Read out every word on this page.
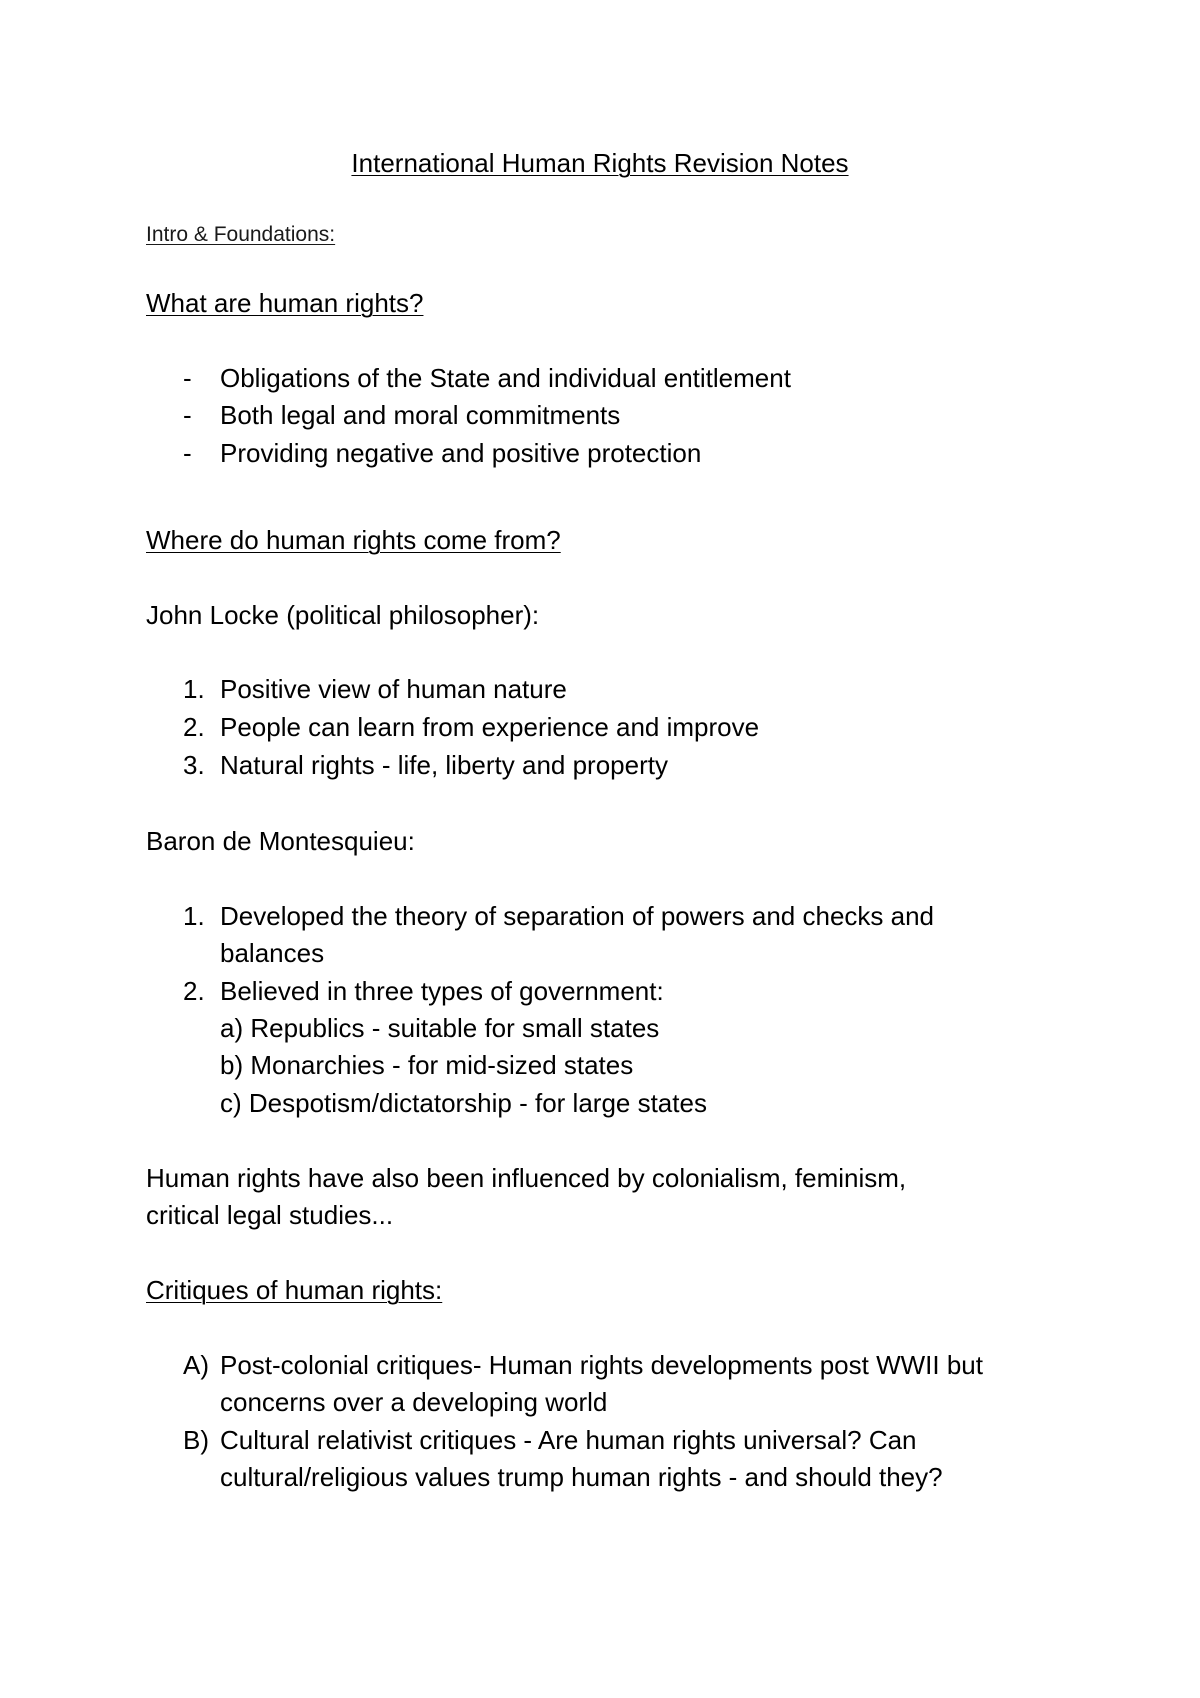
International Human Rights Revision Notes

Intro & Foundations:

What are human rights?

- Obligations of the State and individual entitlement

- Both legal and moral commitments

- Providing negative and positive protection

Where do human rights come from?

John Locke (political philosopher):

1. Positive view of human nature

2. People can learn from experience and improve

3. Natural rights - life, liberty and property

Baron de Montesquieu:

1. Developed the theory of separation of powers and checks and

balances

2. Believed in three types of government:

a) Republics - suitable for small states

b) Monarchies - for mid-sized states

c) Despotism/dictatorship - for large states

Human rights have also been influenced by colonialism, feminism,

critical legal studies...

Critiques of human rights:

A) Post-colonial critiques- Human rights developments post WWII but

concerns over a developing world

B) Cultural relativist critiques - Are human rights universal? Can

cultural/religious values trump human rights - and should they?
